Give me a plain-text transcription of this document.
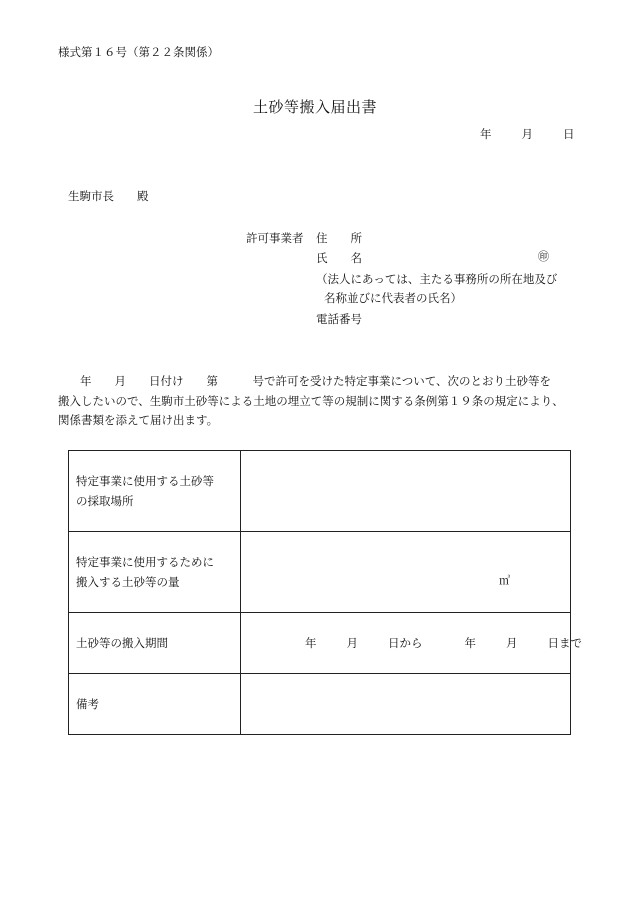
様式第１６号（第２２条関係）
土砂等搬入届出書
年	月	日
生駒市長　　殿
許可事業者 住　　所
氏　　名	㊞
（法人にあっては、主たる事務所の所在地及び
名称並びに代表者の氏名）
電話番号
年　　月　　日付け　　第　　　号で許可を受けた特定事業について、次のとおり土砂等を
搬入したいので、生駒市土砂等による土地の埋立て等の規制に関する条例第１９条の規定により、
関係書類を添えて届け出ます。
特定事業に使用する土砂等
の採取場所	

特定事業に使用するために
搬入する土砂等の量	㎥

土砂等の搬入期間	年 月 日から 年 月 日まで

備考	
